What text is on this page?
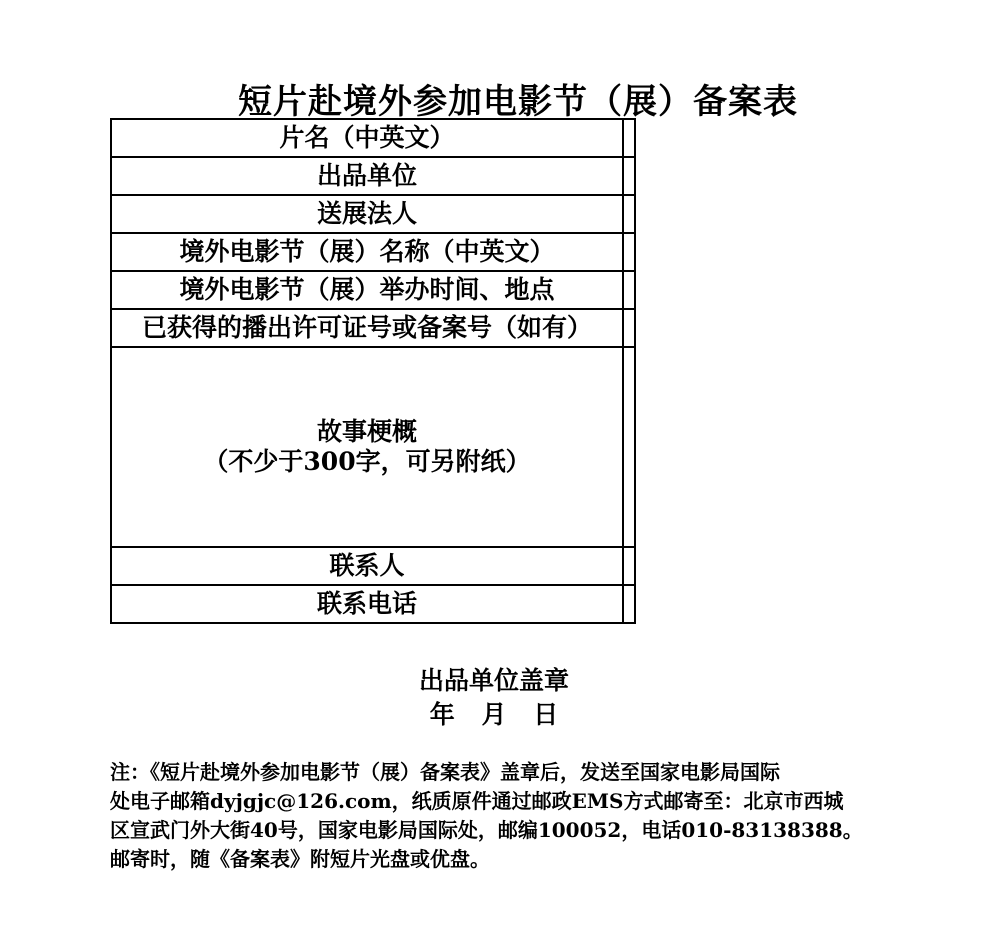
短片赴境外参加电影节（展）备案表
片名（中英文）	
出品单位	
送展法人	
境外电影节（展）名称（中英文）	
境外电影节（展）举办时间、地点	
已获得的播出许可证号或备案号（如有）	

故事梗概
（不少于300字，可另附纸）	

联系人	
联系电话	
出品单位盖章
年 月 日
注：《短片赴境外参加电影节（展）备案表》盖章后，发送至国家电影局国际
处电子邮箱dyjgjc@126.com，纸质原件通过邮政EMS方式邮寄至：北京市西城
区宣武门外大街40号，国家电影局国际处，邮编100052，电话010-83138388。
邮寄时，随《备案表》附短片光盘或优盘。
